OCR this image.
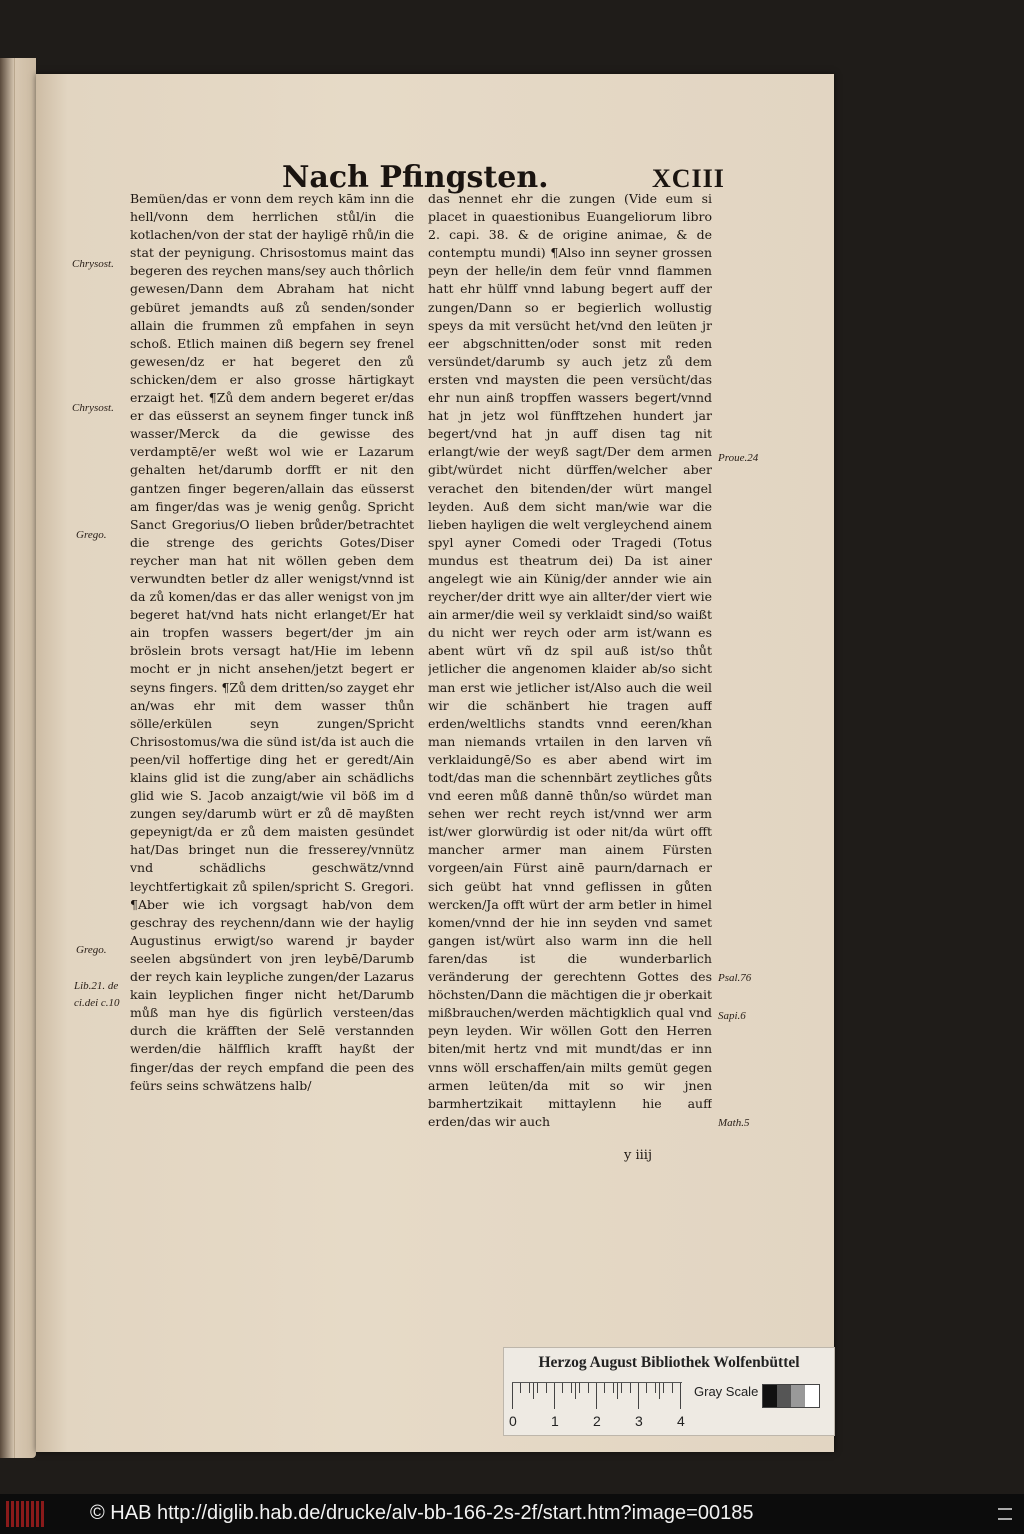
Nach Pfingsten.	XCIII
Bemüen/das er vonn dem reych kām inn die hell/vonn dem herrlichen stůl/in die kotlachen/von der stat der hayligē rhů/in die stat der peynigung. Chrisostomus maint das begeren des reychen mans/sey auch thôrlich gewesen/Dann dem Abraham hat nicht gebüret jemandts auß zů senden/sonder allain die frummen zů empfahen in seyn schoß. Etlich mainen diß begern sey frenel gewesen/dz er hat begeret den zů schicken/dem er also grosse hārtigkayt erzaigt het. ¶Zů dem andern begeret er/das er das eüsserst an seynem finger tunck inß wasser/Merck da die gewisse des verdamptē/er weßt wol wie er Lazarum gehalten het/darumb dorfft er nit den gantzen finger begeren/allain das eüsserst am finger/das was je wenig genůg. Spricht Sanct Gregorius/O lieben brůder/betrachtet die strenge des gerichts Gotes/Diser reycher man hat nit wöllen geben dem verwundten betler dz aller wenigst/vnnd ist da zů komen/das er das aller wenigst von jm begeret hat/vnd hats nicht erlanget/Er hat ain tropfen wassers begert/der jm ain bröslein brots versagt hat/Hie im lebenn mocht er jn nicht ansehen/jetzt begert er seyns fingers. ¶Zů dem dritten/so zayget ehr an/was ehr mit dem wasser thůn sölle/erkülen seyn zungen/Spricht Chrisostomus/wa die sünd ist/da ist auch die peen/vil hoffertige ding het er geredt/Ain klains glid ist die zung/aber ain schädlichs glid wie S. Jacob anzaigt/wie vil böß im d zungen sey/darumb würt er zů dē mayßten gepeynigt/da er zů dem maisten gesündet hat/Das bringet nun die fresserey/vnnütz vnd schädlichs geschwätz/vnnd leychtfertigkait zů spilen/spricht S. Gregori. ¶Aber wie ich vorgsagt hab/von dem geschray des reychenn/dann wie der haylig Augustinus erwigt/so warend jr bayder seelen abgsündert von jren leybē/Darumb der reych kain leypliche zungen/der Lazarus kain leyplichen finger nicht het/Darumb můß man hye dis figürlich versteen/das durch die kräfften der Selē verstannden werden/die hälfflich krafft hayßt der finger/das der reych empfand die peen des feürs seins schwätzens halb/
das nennet ehr die zungen (Vide eum si placet in quaestionibus Euangeliorum libro 2. capi. 38. & de origine animae, & de contemptu mundi) ¶Also inn seyner grossen peyn der helle/in dem feür vnnd flammen hatt ehr hülff vnnd labung begert auff der zungen/Dann so er begierlich wollustig speys da mit versücht het/vnd den leüten jr eer abgschnitten/oder sonst mit reden versündet/darumb sy auch jetz zů dem ersten vnd maysten die peen versücht/das ehr nun ainß tropffen wassers begert/vnnd hat jn jetz wol fünfftzehen hundert jar begert/vnd hat jn auff disen tag nit erlangt/wie der weyß sagt/Der dem armen gibt/würdet nicht dürffen/welcher aber verachet den bitenden/der würt mangel leyden. Auß dem sicht man/wie war die lieben hayligen die welt vergleychend ainem spyl ayner Comedi oder Tragedi (Totus mundus est theatrum dei) Da ist ainer angelegt wie ain Künig/der annder wie ain reycher/der dritt wye ain allter/der viert wie ain armer/die weil sy verklaidt sind/so waißt du nicht wer reych oder arm ist/wann es abent würt vñ dz spil auß ist/so thůt jetlicher die angenomen klaider ab/so sicht man erst wie jetlicher ist/Also auch die weil wir die schänbert hie tragen auff erden/weltlichs standts vnnd eeren/khan man niemands vrtailen in den larven vñ verklaidungē/So es aber abend wirt im todt/das man die schennbärt zeytliches gůts vnd eeren můß dannē thůn/so würdet man sehen wer recht reych ist/vnnd wer arm ist/wer glorwürdig ist oder nit/da würt offt mancher armer man ainem Fürsten vorgeen/ain Fürst ainē paurn/darnach er sich geübt hat vnnd geflissen in gůten wercken/Ja offt würt der arm betler in himel komen/vnnd der hie inn seyden vnd samet gangen ist/würt also warm inn die hell faren/das ist die wunderbarlich veränderung der gerechtenn Gottes des höchsten/Dann die mächtigen die jr oberkait mißbrauchen/werden mächtigklich qual vnd peyn leyden. Wir wöllen Gott den Herren biten/mit hertz vnd mit mundt/das er inn vnns wöll erschaffen/ain milts gemüt gegen armen leüten/da mit so wir jnen barmhertzikait mittaylenn hie auff erden/das wir auch
Chrysost.
Chrysost.
Grego.
Grego.
Lib.21. de
ci.dei c.10
Proue.24
Psal.76
Sapi.6
Math.5
y iiij
Herzog August Bibliothek Wolfenbüttel
0 1 2 3 4
Gray Scale
© HAB http://diglib.hab.de/drucke/alv-bb-166-2s-2f/start.htm?image=00185
